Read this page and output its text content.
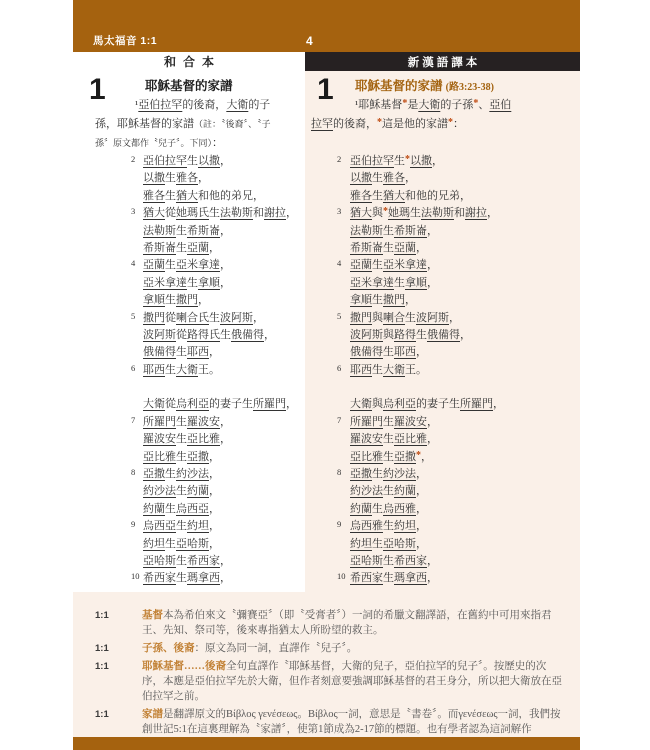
馬太福音 1:1	4
和合本	新漢語譯本
1	耶穌基督的家譜
¹亞伯拉罕的後裔，大衛的子
孫，耶穌基督的家譜（註：〝後裔〞、〝子
孫〞原文都作〝兒子〞。下同）：
2 亞伯拉罕生以撒，
以撒生雅各，
雅各生猶大和他的弟兄，
3 猶大從她瑪氏生法勒斯和謝拉，
法勒斯生希斯崙，
希斯崙生亞蘭，
4 亞蘭生亞米拿達，
亞米拿達生拿順，
拿順生撒門，
5 撒門從喇合氏生波阿斯，
波阿斯從路得氏生俄備得，
俄備得生耶西，
6 耶西生大衛王。
大衛從烏利亞的妻子生所羅門，
7 所羅門生羅波安，
羅波安生亞比雅，
亞比雅生亞撒，
8 亞撒生約沙法，
約沙法生約蘭，
約蘭生烏西亞，
9 烏西亞生約坦，
約坦生亞哈斯，
亞哈斯生希西家，
10 希西家生瑪拿西，
1	耶穌基督的家譜 (路3:23-38)
¹耶穌基督*是大衛的子孫*、亞伯
拉罕的後裔，*這是他的家譜*：
2 亞伯拉罕生*以撒，
以撒生雅各，
雅各生猶大和他的兄弟，
3 猶大與*她瑪生法勒斯和謝拉，
法勒斯生希斯崙，
希斯崙生亞蘭，
4 亞蘭生亞米拿達，
亞米拿達生拿順，
拿順生撒門，
5 撒門與喇合生波阿斯，
波阿斯與路得生俄備得，
俄備得生耶西，
6 耶西生大衛王。
大衛與烏利亞的妻子生所羅門，
7 所羅門生羅波安，
羅波安生亞比雅，
亞比雅生亞撒*，
8 亞撒生約沙法，
約沙法生約蘭，
約蘭生烏西雅，
9 烏西雅生約坦，
約坦生亞哈斯，
亞哈斯生希西家，
10 希西家生瑪拿西，
1:1	基督本為希伯來文〝彌賽亞〞（即〝受膏者〞）一詞的希臘文翻譯語，在舊約中可用來指君王、先知、祭司等，後來專指猶太人所盼望的救主。
1:1	子孫、後裔：原文為同一詞，直譯作〝兒子〞。
1:1	耶穌基督……後裔全句直譯作〝耶穌基督，大衛的兒子，亞伯拉罕的兒子〞。按歷史的次序，本應是亞伯拉罕先於大衛，但作者刻意要強調耶穌基督的君王身分，所以把大衛放在亞伯拉罕之前。
1:1	家譜是翻譯原文的Βίβλος γενέσεως。Βίβλος一詞，意思是〝書卷〞。而γενέσεως一詞，我們按創世記5:1在這裏理解為〝家譜〞，使第1節成為2-17節的標題。也有學者認為這詞解作
